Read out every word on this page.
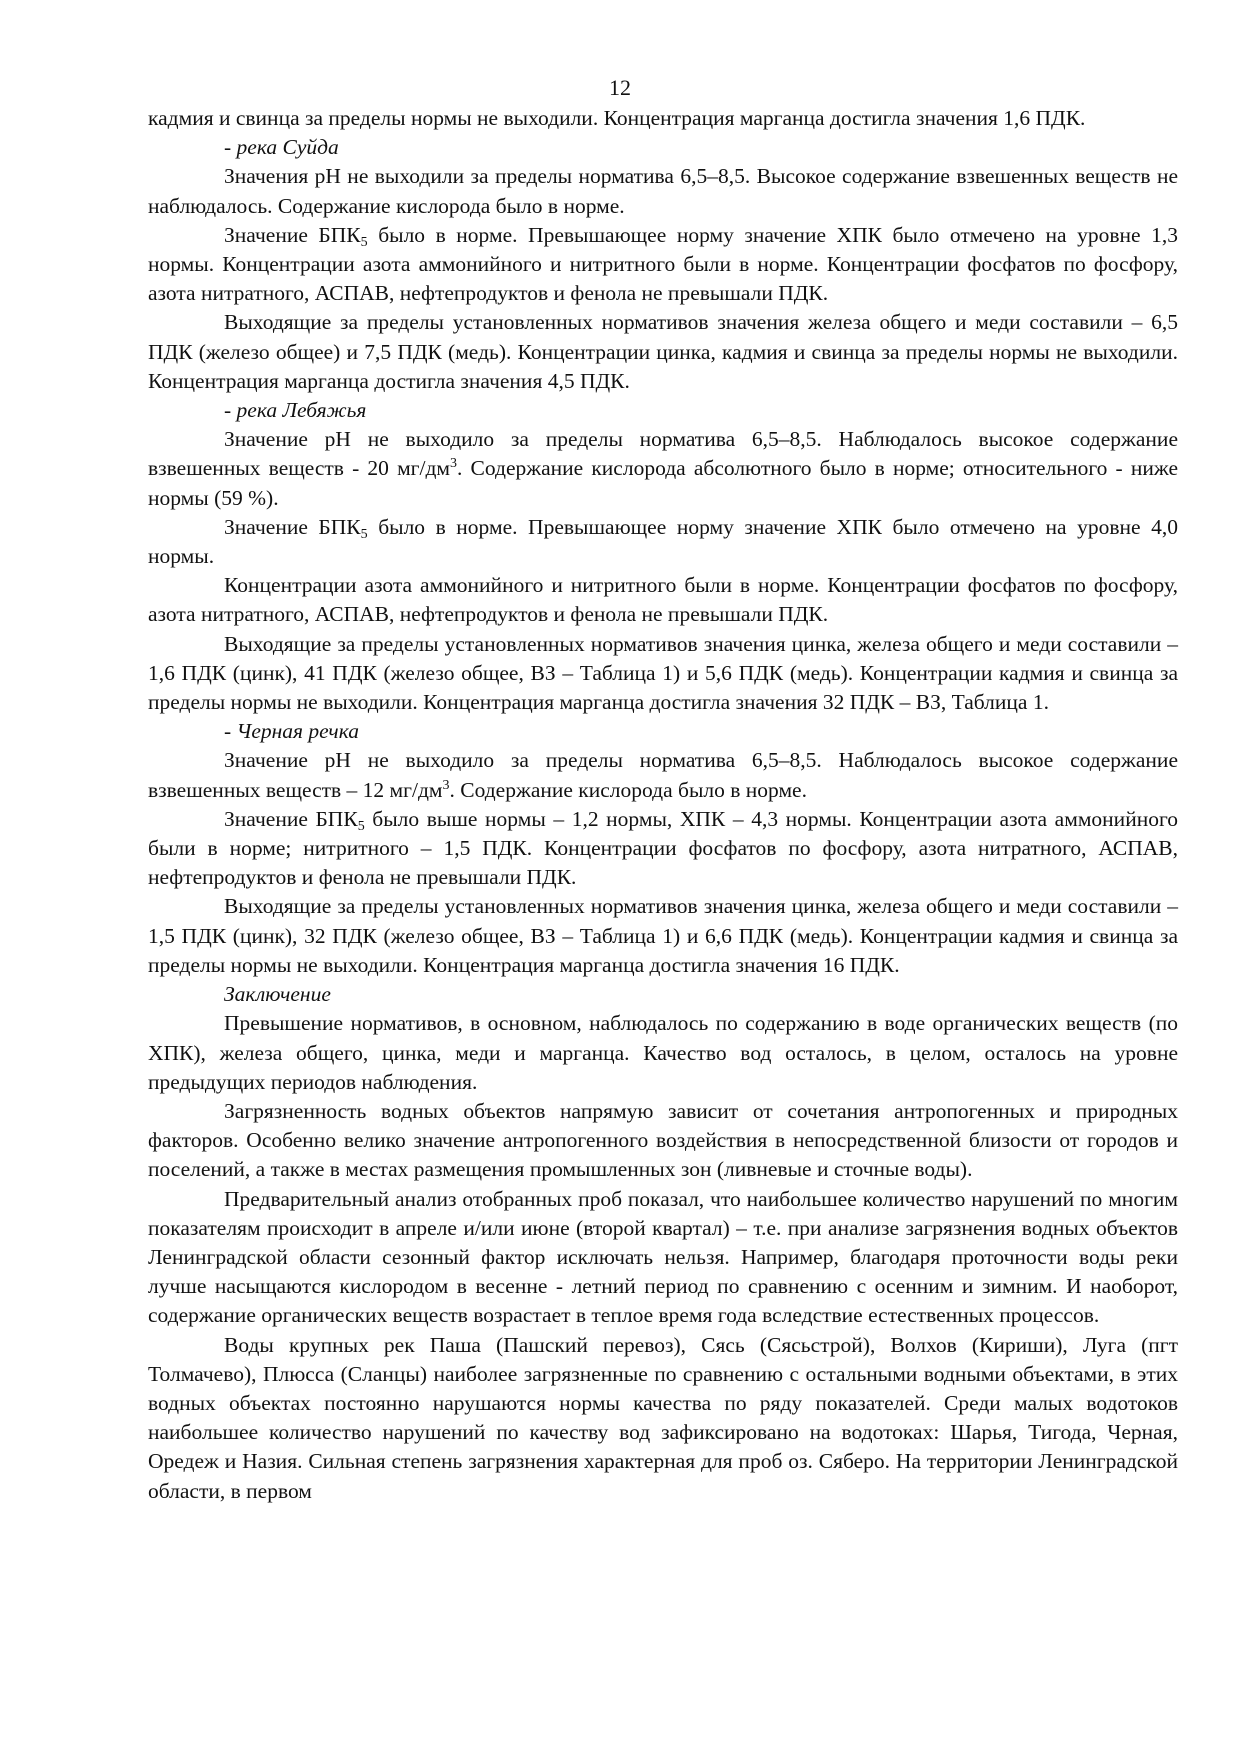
12

кадмия и свинца за пределы нормы не выходили. Концентрация марганца достигла значения 1,6 ПДК.

- река Суйда

Значения pH не выходили за пределы норматива 6,5–8,5. Высокое содержание взвешенных веществ не наблюдалось. Содержание кислорода было в норме.

Значение $БПК_5$ было в норме. Превышающее норму значение ХПК было отмечено на уровне 1,3 нормы. Концентрации азота аммонийного и нитритного были в норме. Концентрации фосфатов по фосфору, азота нитратного, АСПАВ, нефтепродуктов и фенола не превышали ПДК.

Выходящие за пределы установленных нормативов значения железа общего и меди составили – 6,5 ПДК (железо общее) и 7,5 ПДК (медь). Концентрации цинка, кадмия и свинца за пределы нормы не выходили. Концентрация марганца достигла значения 4,5 ПДК.

- река Лебяжья

Значение pH не выходило за пределы норматива 6,5–8,5. Наблюдалось высокое содержание взвешенных веществ - 20 $мг/дм^3$. Содержание кислорода абсолютного было в норме; относительного - ниже нормы (59 %).

Значение $БПК_5$ было в норме. Превышающее норму значение ХПК было отмечено на уровне 4,0 нормы.

Концентрации азота аммонийного и нитритного были в норме. Концентрации фосфатов по фосфору, азота нитратного, АСПАВ, нефтепродуктов и фенола не превышали ПДК.

Выходящие за пределы установленных нормативов значения цинка, железа общего и меди составили – 1,6 ПДК (цинк), 41 ПДК (железо общее, ВЗ – Таблица 1) и 5,6 ПДК (медь). Концентрации кадмия и свинца за пределы нормы не выходили. Концентрация марганца достигла значения 32 ПДК – ВЗ, Таблица 1.

- Черная речка

Значение pH не выходило за пределы норматива 6,5–8,5. Наблюдалось высокое содержание взвешенных веществ – 12 $мг/дм^3$. Содержание кислорода было в норме.

Значение $БПК_5$ было выше нормы – 1,2 нормы, ХПК – 4,3 нормы. Концентрации азота аммонийного были в норме; нитритного – 1,5 ПДК. Концентрации фосфатов по фосфору, азота нитратного, АСПАВ, нефтепродуктов и фенола не превышали ПДК.

Выходящие за пределы установленных нормативов значения цинка, железа общего и меди составили – 1,5 ПДК (цинк), 32 ПДК (железо общее, ВЗ – Таблица 1) и 6,6 ПДК (медь). Концентрации кадмия и свинца за пределы нормы не выходили. Концентрация марганца достигла значения 16 ПДК.

Заключение

Превышение нормативов, в основном, наблюдалось по содержанию в воде органических веществ (по ХПК), железа общего, цинка, меди и марганца. Качество вод осталось, в целом, осталось на уровне предыдущих периодов наблюдения.

Загрязненность водных объектов напрямую зависит от сочетания антропогенных и природных факторов. Особенно велико значение антропогенного воздействия в непосредственной близости от городов и поселений, а также в местах размещения промышленных зон (ливневые и сточные воды).

Предварительный анализ отобранных проб показал, что наибольшее количество нарушений по многим показателям происходит в апреле и/или июне (второй квартал) – т.е. при анализе загрязнения водных объектов Ленинградской области сезонный фактор исключать нельзя. Например, благодаря проточности воды реки лучше насыщаются кислородом в весенне - летний период по сравнению с осенним и зимним. И наоборот, содержание органических веществ возрастает в теплое время года вследствие естественных процессов.

Воды крупных рек Паша (Пашский перевоз), Сясь (Сясьстрой), Волхов (Кириши), Луга (пгт Толмачево), Плюсса (Сланцы) наиболее загрязненные по сравнению с остальными водными объектами, в этих водных объектах постоянно нарушаются нормы качества по ряду показателей. Среди малых водотоков наибольшее количество нарушений по качеству вод зафиксировано на водотоках: Шарья, Тигода, Черная, Оредеж и Назия. Сильная степень загрязнения характерная для проб оз. Сяберо. На территории Ленинградской области, в первом
